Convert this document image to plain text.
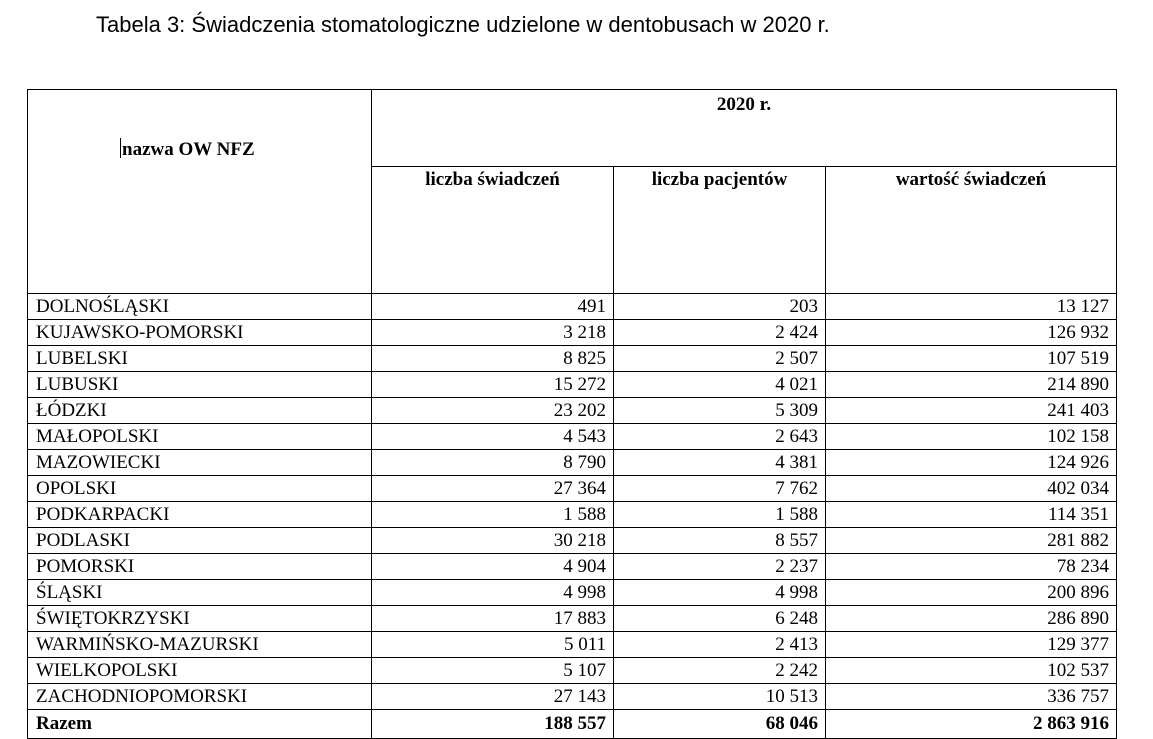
Tabela 3: Świadczenia stomatologiczne udzielone w dentobusach w 2020 r.
nazwa OW NFZ	2020 r.		
	liczba świadczeń	liczba pacjentów	wartość świadczeń
DOLNOŚLĄSKI	491	203	13 127
KUJAWSKO-POMORSKI	3 218	2 424	126 932
LUBELSKI	8 825	2 507	107 519
LUBUSKI	15 272	4 021	214 890
ŁÓDZKI	23 202	5 309	241 403
MAŁOPOLSKI	4 543	2 643	102 158
MAZOWIECKI	8 790	4 381	124 926
OPOLSKI	27 364	7 762	402 034
PODKARPACKI	1 588	1 588	114 351
PODLASKI	30 218	8 557	281 882
POMORSKI	4 904	2 237	78 234
ŚLĄSKI	4 998	4 998	200 896
ŚWIĘTOKRZYSKI	17 883	6 248	286 890
WARMIŃSKO-MAZURSKI	5 011	2 413	129 377
WIELKOPOLSKI	5 107	2 242	102 537
ZACHODNIOPOMORSKI	27 143	10 513	336 757
Razem	188 557	68 046	2 863 916
